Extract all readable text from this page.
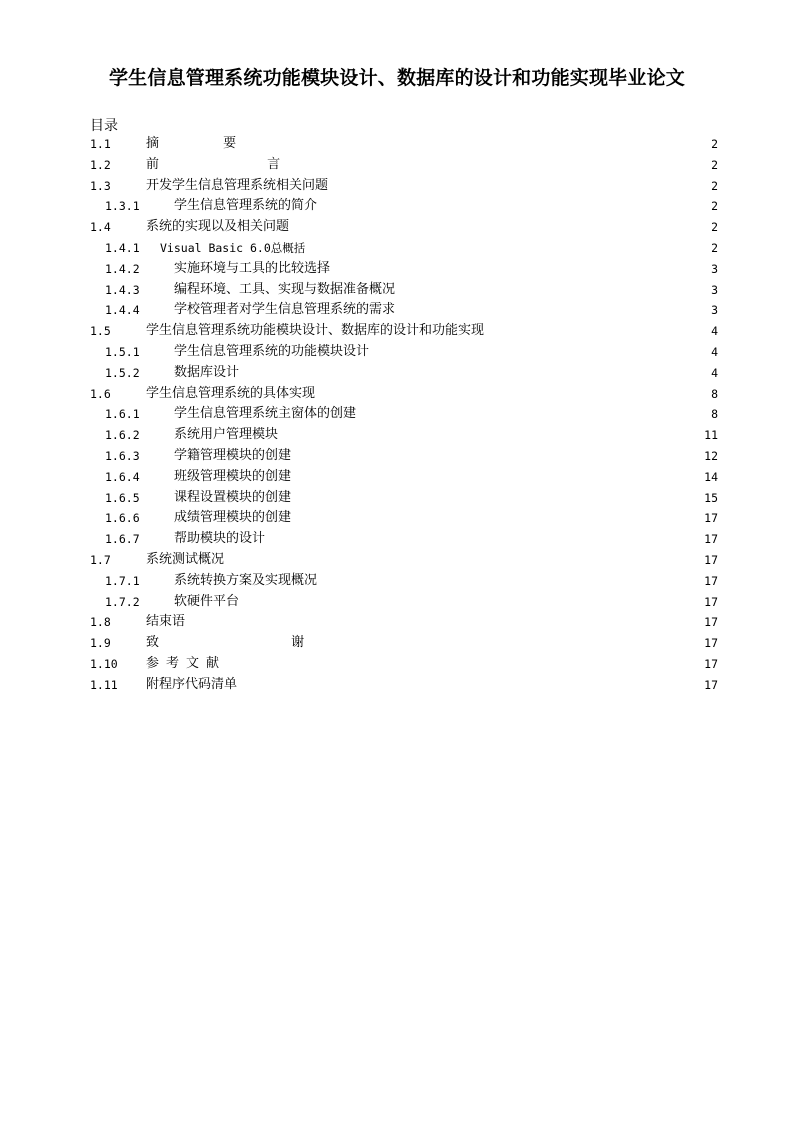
学生信息管理系统功能模块设计、数据库的设计和功能实现毕业论文
目录
1.1	摘 要	2
1.2	前 言	2
1.3	开发学生信息管理系统相关问题	2
1.3.1	学生信息管理系统的简介	2
1.4	系统的实现以及相关问题	2
1.4.1 Visual Basic 6.0总概括	2
1.4.2	实施环境与工具的比较选择	3
1.4.3	编程环境、工具、实现与数据准备概况	3
1.4.4	学校管理者对学生信息管理系统的需求	3
1.5	学生信息管理系统功能模块设计、数据库的设计和功能实现	4
1.5.1	学生信息管理系统的功能模块设计	4
1.5.2	数据库设计	4
1.6	学生信息管理系统的具体实现	8
1.6.1	学生信息管理系统主窗体的创建	8
1.6.2	系统用户管理模块	11
1.6.3	学籍管理模块的创建	12
1.6.4	班级管理模块的创建	14
1.6.5	课程设置模块的创建	15
1.6.6	成绩管理模块的创建	17
1.6.7	帮助模块的设计	17
1.7	系统测试概况	17
1.7.1	系统转换方案及实现概况	17
1.7.2	软硬件平台	17
1.8	结束语	17
1.9	致 谢	17
1.10 参考文献	17
1.11 附程序代码清单	17
